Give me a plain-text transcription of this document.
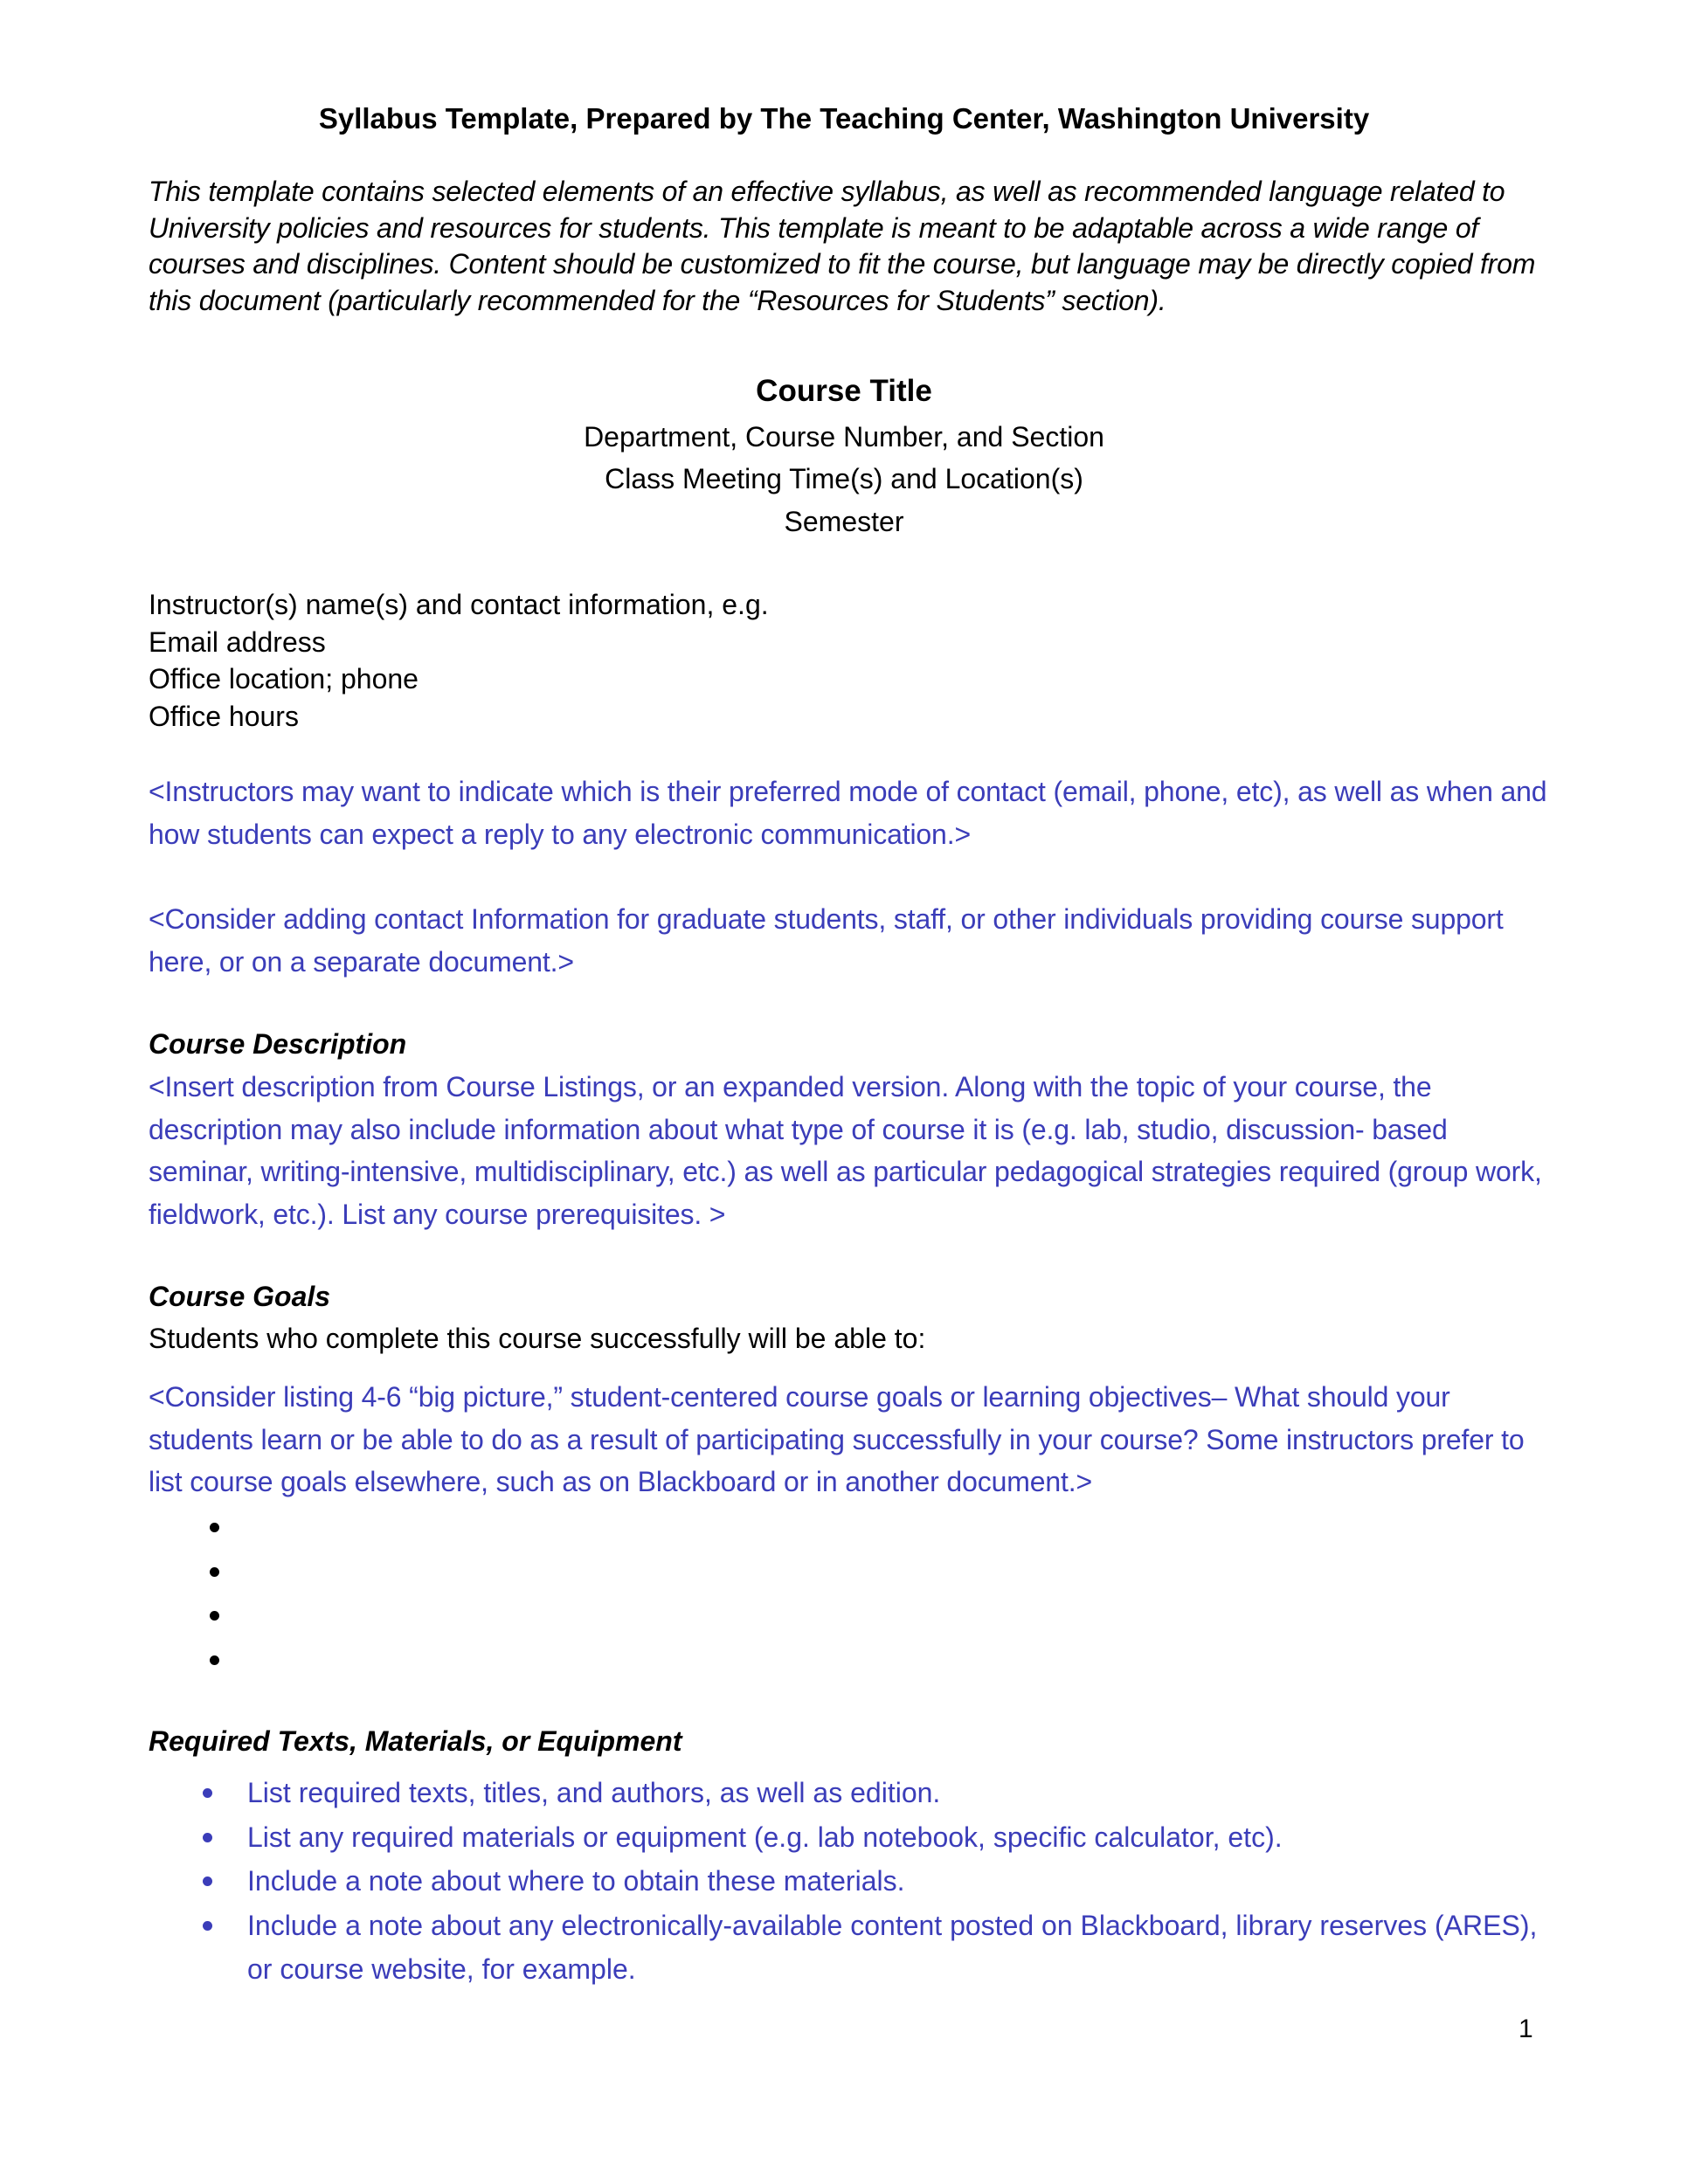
Syllabus Template, Prepared by The Teaching Center, Washington University

This template contains selected elements of an effective syllabus, as well as recommended language related to University policies and resources for students. This template is meant to be adaptable across a wide range of courses and disciplines. Content should be customized to fit the course, but language may be directly copied from this document (particularly recommended for the “Resources for Students” section).

Course Title
Department, Course Number, and Section
Class Meeting Time(s) and Location(s)
Semester
Instructor(s) name(s) and contact information, e.g.
Email address
Office location; phone
Office hours

<Instructors may want to indicate which is their preferred mode of contact (email, phone, etc), as well as when and how students can expect a reply to any electronic communication.>

<Consider adding contact Information for graduate students, staff, or other individuals providing course support here, or on a separate document.>

Course Description

<Insert description from Course Listings, or an expanded version. Along with the topic of your course, the description may also include information about what type of course it is (e.g. lab, studio, discussion- based seminar, writing-intensive, multidisciplinary, etc.) as well as particular pedagogical strategies required (group work, fieldwork, etc.). List any course prerequisites. >

Course Goals
Students who complete this course successfully will be able to:

<Consider listing 4-6 “big picture,” student-centered course goals or learning objectives– What should your students learn or be able to do as a result of participating successfully in your course? Some instructors prefer to list course goals elsewhere, such as on Blackboard or in another document.>

Required Texts, Materials, or Equipment
List required texts, titles, and authors, as well as edition.
List any required materials or equipment (e.g. lab notebook, specific calculator, etc).
Include a note about where to obtain these materials.
Include a note about any electronically-available content posted on Blackboard, library reserves (ARES), or course website, for example.
1
